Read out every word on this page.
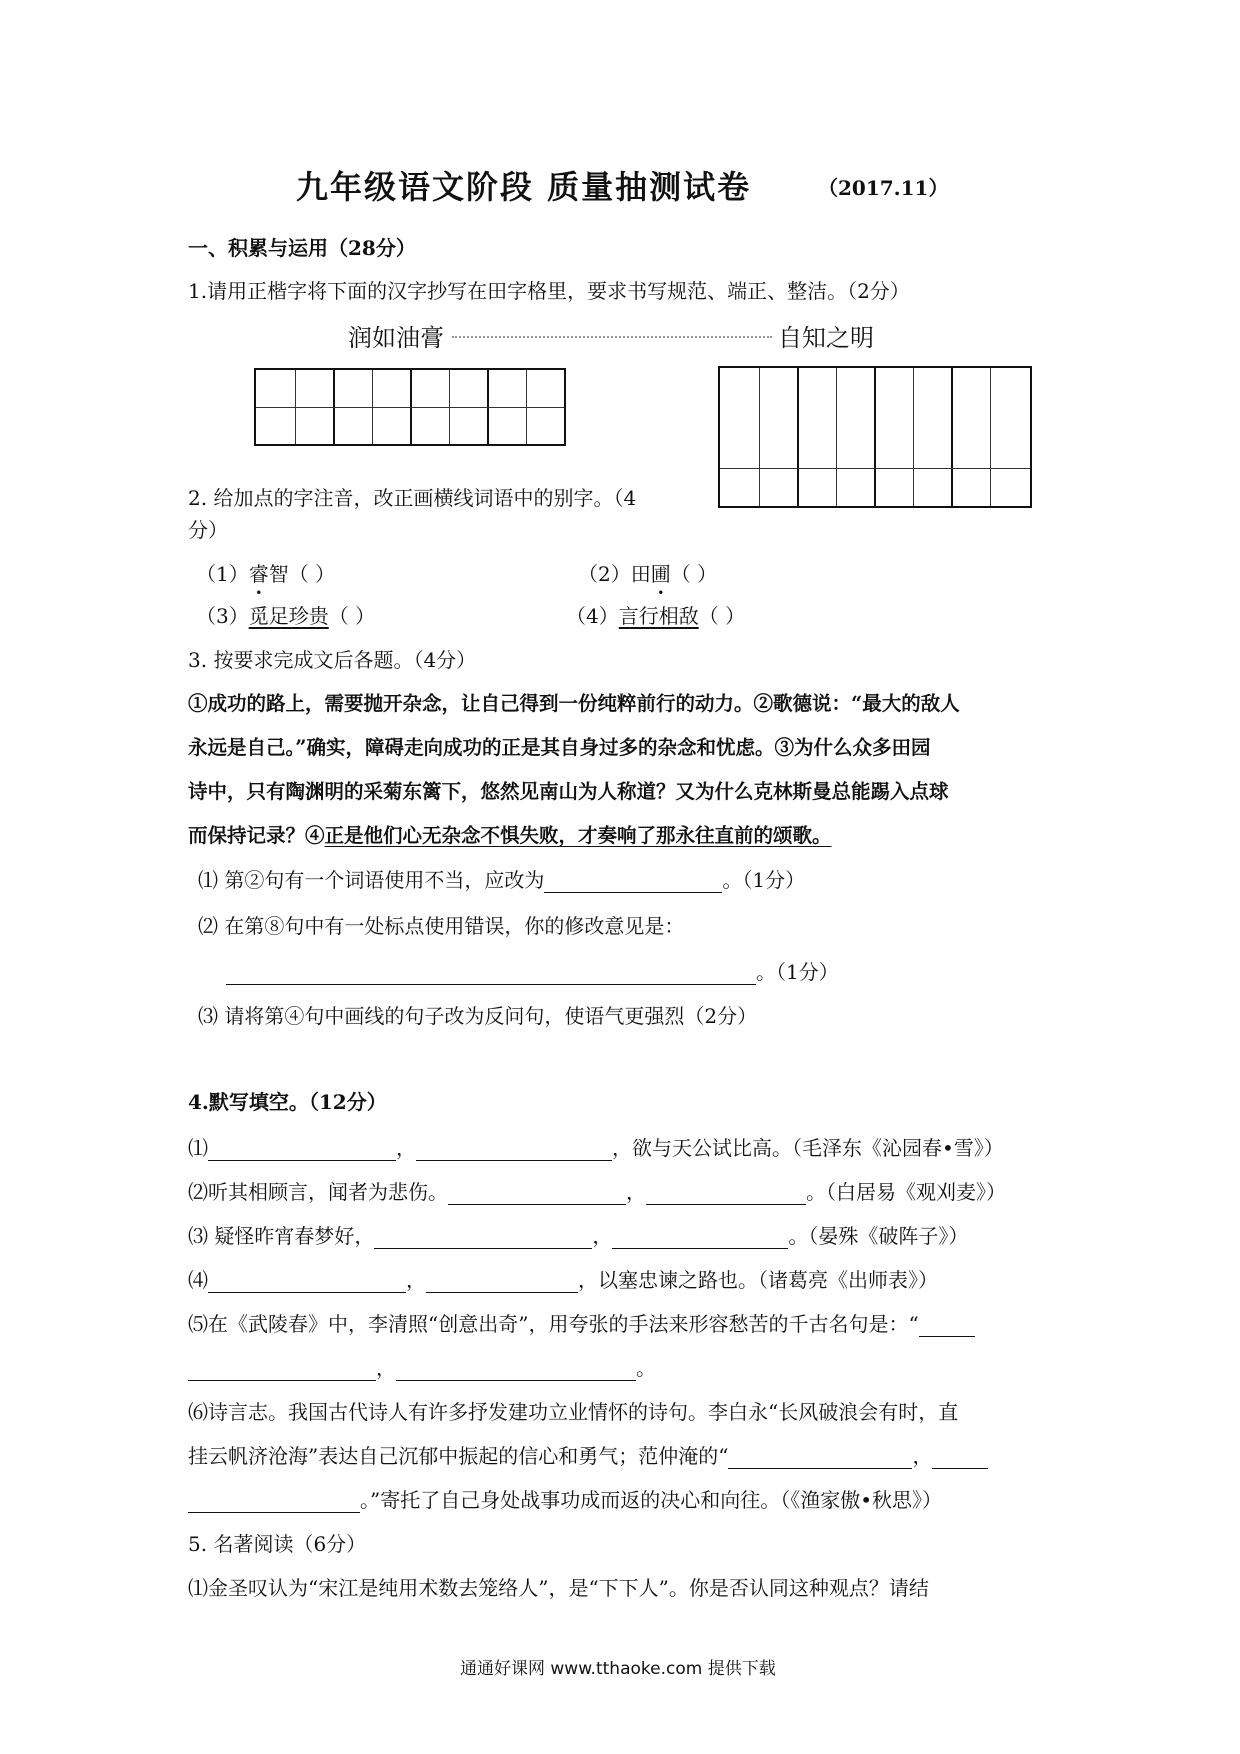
九年级语文阶段 质量抽测试卷	（2017.11）
一、积累与运用（28分）
1.请用正楷字将下面的汉字抄写在田字格里，要求书写规范、端正、整洁。（2分）
润如油膏	自知之明
2. 给加点的字注音，改正画横线词语中的别字。（4
分）
（1）睿智（ ）	（2）田圃（ ）
（3）觅足珍贵（ ）	（4）言行相敌（ ）
3. 按要求完成文后各题。（4分）
①成功的路上，需要抛开杂念，让自己得到一份纯粹前行的动力。②歌德说：“最大的敌人
永远是自己。”确实，障碍走向成功的正是其自身过多的杂念和忧虑。③为什么众多田园
诗中，只有陶渊明的采菊东篱下，悠然见南山为人称道？又为什么克林斯曼总能踢入点球
而保持记录？④正是他们心无杂念不惧失败，才奏响了那永往直前的颂歌。
⑴ 第②句有一个词语使用不当，应改为	。（1分）
⑵ 在第⑧句中有一处标点使用错误，你的修改意见是：
。（1分）
⑶ 请将第④句中画线的句子改为反问句，使语气更强烈（2分）
4.默写填空。（12分）
⑴	，	，欲与天公试比高。（毛泽东《沁园春•雪》）
⑵听其相顾言，闻者为悲伤。	，	。（白居易《观刈麦》）
⑶ 疑怪昨宵春梦好，	，	。（晏殊《破阵子》）
⑷	，	，以塞忠谏之路也。（诸葛亮《出师表》）
⑸在《武陵春》中，李清照“创意出奇”，用夸张的手法来形容愁苦的千古名句是：“
，	。
⑹诗言志。我国古代诗人有许多抒发建功立业情怀的诗句。李白永“长风破浪会有时，直
挂云帆济沧海”表达自己沉郁中振起的信心和勇气；范仲淹的“	，
。”寄托了自己身处战事功成而返的决心和向往。（《渔家傲•秋思》）
5. 名著阅读（6分）
⑴金圣叹认为“宋江是纯用术数去笼络人”，是“下下人”。你是否认同这种观点？请结
通通好课网 www.tthaoke.com 提供下载
